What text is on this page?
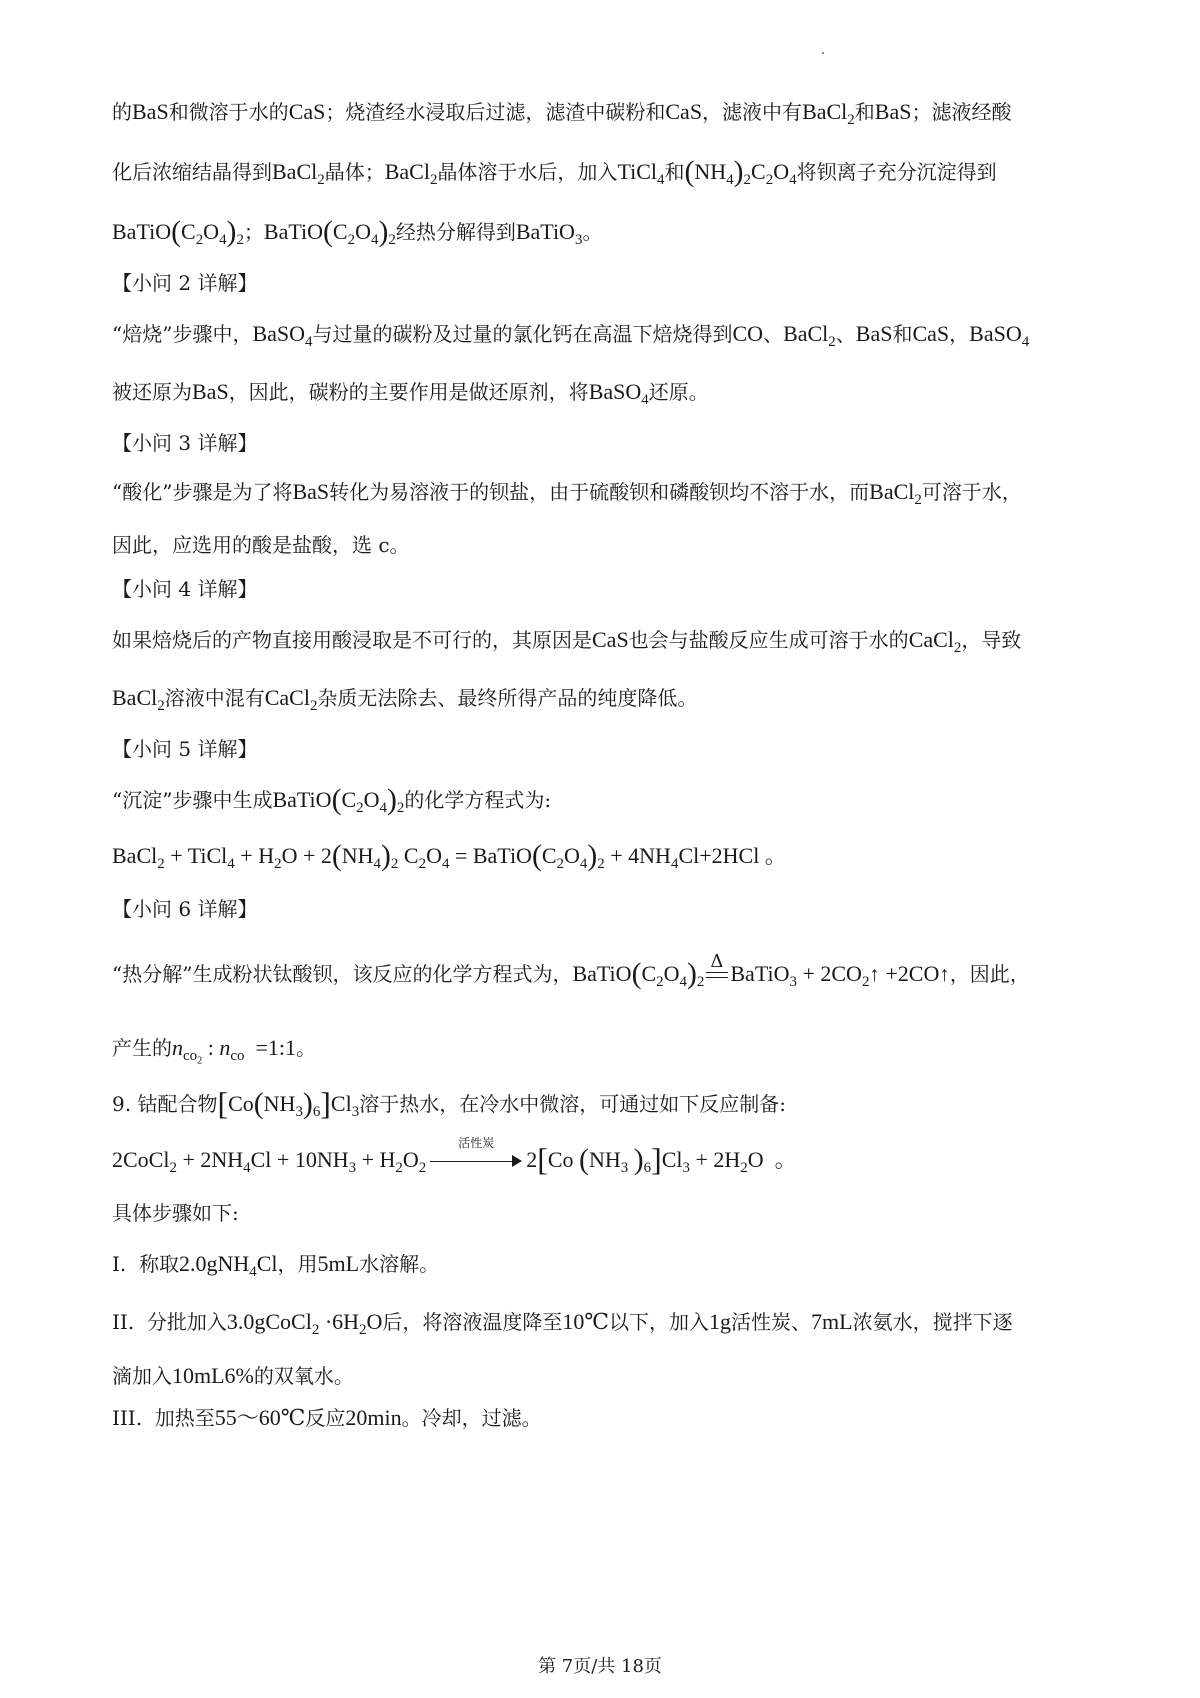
的BaS和微溶于水的CaS；烧渣经水浸取后过滤，滤渣中碳粉和CaS，滤液中有BaCl$_2$和BaS；滤液经酸
化后浓缩结晶得到BaCl$_2$晶体；BaCl$_2$晶体溶于水后，加入TiCl$_4$和$(NH_4)_2C_2O_4$将钡离子充分沉淀得到
$BaTiO(C_2O_4)_2$；$BaTiO(C_2O_4)_2$经热分解得到BaTiO$_3$。
【小问 2 详解】
“焙烧”步骤中，BaSO$_4$与过量的碳粉及过量的氯化钙在高温下焙烧得到CO、BaCl$_2$、BaS和CaS，BaSO$_4$
被还原为BaS，因此，碳粉的主要作用是做还原剂，将BaSO$_4$还原。
【小问 3 详解】
“酸化”步骤是为了将BaS转化为易溶液于的钡盐，由于硫酸钡和磷酸钡均不溶于水，而BaCl$_2$可溶于水，
因此，应选用的酸是盐酸，选 c。
【小问 4 详解】
如果焙烧后的产物直接用酸浸取是不可行的，其原因是CaS也会与盐酸反应生成可溶于水的CaCl$_2$，导致
BaCl$_2$溶液中混有CaCl$_2$杂质无法除去、最终所得产品的纯度降低。
【小问 5 详解】
“沉淀”步骤中生成$BaTiO(C_2O_4)_2$的化学方程式为:
BaCl$_2$ + TiCl$_4$ + $H_2O + 2(NH_4)_2$ $C_2O_4$ = $BaTiO(C_2O_4)_2 + 4NH_4Cl+2HCl$ 。
【小问 6 详解】
“热分解”生成粉状钛酸钡，该反应的化学方程式为，$BaTiO(C_2O_4)_2$
Δ BaTiO$_3$ + $2CO_2↑$ +2CO↑，因此，
产生的$n_{co_2}$ : $n_{co}$  =1:1。
9. 钴配合物$[Co(NH_3)_6]Cl_3$溶于热水，在冷水中微溶，可通过如下反应制备:
2CoCl$_2$ + $2NH_4Cl + 10NH_3 + H_2O_2$
活性炭
2[Co ($NH_3$ )$_6]Cl_3 + 2H_2O$  。
具体步骤如下:
I.  称取2.0gNH$_4$Cl，用5mL水溶解。
II.  分批加入3.0gCoCl$_2$ $\cdot 6H_2O$后，将溶液温度降至10℃以下，加入1g活性炭、7mL浓氨水，搅拌下逐
滴加入10mL6%的双氧水。
III.  加热至55～60℃反应20min。冷却，过滤。
第 7页/共 18页
